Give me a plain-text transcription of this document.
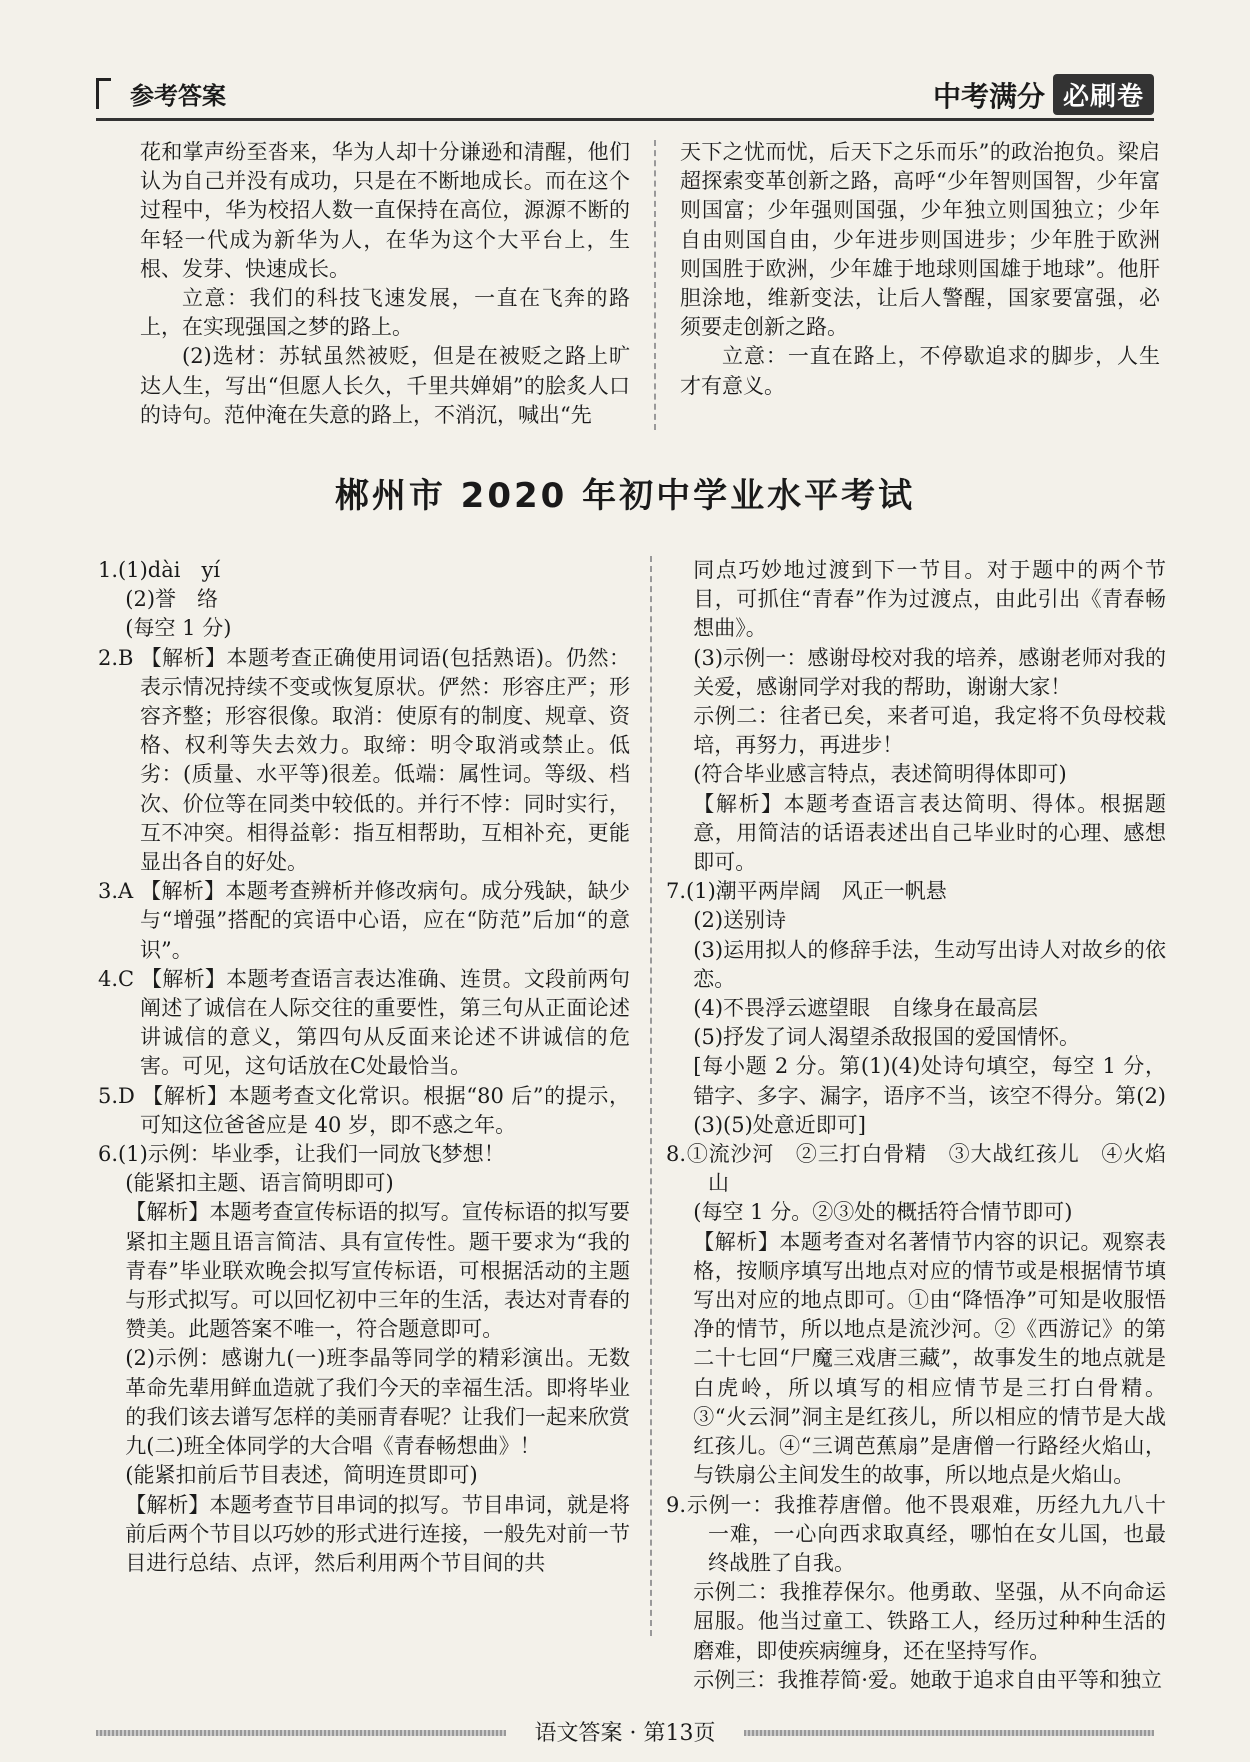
参考答案	中考满分 必刷卷

花和掌声纷至沓来，华为人却十分谦逊和清醒，他们认为自己并没有成功，只是在不断地成长。而在这个过程中，华为校招人数一直保持在高位，源源不断的年轻一代成为新华为人，在华为这个大平台上，生根、发芽、快速成长。

立意：我们的科技飞速发展，一直在飞奔的路上，在实现强国之梦的路上。

(2)选材：苏轼虽然被贬，但是在被贬之路上旷达人生，写出“但愿人长久，千里共婵娟”的脍炙人口的诗句。范仲淹在失意的路上，不消沉，喊出“先

天下之忧而忧，后天下之乐而乐”的政治抱负。梁启超探索变革创新之路，高呼“少年智则国智，少年富则国富；少年强则国强，少年独立则国独立；少年自由则国自由，少年进步则国进步；少年胜于欧洲则国胜于欧洲，少年雄于地球则国雄于地球”。他肝胆涂地，维新变法，让后人警醒，国家要富强，必须要走创新之路。

立意：一直在路上，不停歇追求的脚步，人生才有意义。

郴州市 2020 年初中学业水平考试

1.(1)dài　yí

(2)誉　络

(每空 1 分)

2.B 【解析】本题考查正确使用词语(包括熟语)。仍然：表示情况持续不变或恢复原状。俨然：形容庄严；形容齐整；形容很像。取消：使原有的制度、规章、资格、权利等失去效力。取缔：明令取消或禁止。低劣：(质量、水平等)很差。低端：属性词。等级、档次、价位等在同类中较低的。并行不悖：同时实行，互不冲突。相得益彰：指互相帮助，互相补充，更能显出各自的好处。

3.A 【解析】本题考查辨析并修改病句。成分残缺，缺少与“增强”搭配的宾语中心语，应在“防范”后加“的意识”。

4.C 【解析】本题考查语言表达准确、连贯。文段前两句阐述了诚信在人际交往的重要性，第三句从正面论述讲诚信的意义，第四句从反面来论述不讲诚信的危害。可见，这句话放在C处最恰当。

5.D 【解析】本题考查文化常识。根据“80 后”的提示，可知这位爸爸应是 40 岁，即不惑之年。

6.(1)示例：毕业季，让我们一同放飞梦想！

(能紧扣主题、语言简明即可)

【解析】本题考查宣传标语的拟写。宣传标语的拟写要紧扣主题且语言简洁、具有宣传性。题干要求为“我的青春”毕业联欢晚会拟写宣传标语，可根据活动的主题与形式拟写。可以回忆初中三年的生活，表达对青春的赞美。此题答案不唯一，符合题意即可。

(2)示例：感谢九(一)班李晶等同学的精彩演出。无数革命先辈用鲜血造就了我们今天的幸福生活。即将毕业的我们该去谱写怎样的美丽青春呢？让我们一起来欣赏九(二)班全体同学的大合唱《青春畅想曲》！

(能紧扣前后节目表述，简明连贯即可)

【解析】本题考查节目串词的拟写。节目串词，就是将前后两个节目以巧妙的形式进行连接，一般先对前一节目进行总结、点评，然后利用两个节目间的共

同点巧妙地过渡到下一节目。对于题中的两个节目，可抓住“青春”作为过渡点，由此引出《青春畅想曲》。

(3)示例一：感谢母校对我的培养，感谢老师对我的关爱，感谢同学对我的帮助，谢谢大家！

示例二：往者已矣，来者可追，我定将不负母校栽培，再努力，再进步！

(符合毕业感言特点，表述简明得体即可)

【解析】本题考查语言表达简明、得体。根据题意，用简洁的话语表述出自己毕业时的心理、感想即可。

7.(1)潮平两岸阔　风正一帆悬

(2)送别诗

(3)运用拟人的修辞手法，生动写出诗人对故乡的依恋。

(4)不畏浮云遮望眼　自缘身在最高层

(5)抒发了词人渴望杀敌报国的爱国情怀。

[每小题 2 分。第(1)(4)处诗句填空，每空 1 分，错字、多字、漏字，语序不当，该空不得分。第(2)(3)(5)处意近即可]

8.①流沙河　②三打白骨精　③大战红孩儿　④火焰山

(每空 1 分。②③处的概括符合情节即可)

【解析】本题考查对名著情节内容的识记。观察表格，按顺序填写出地点对应的情节或是根据情节填写出对应的地点即可。①由“降悟净”可知是收服悟净的情节，所以地点是流沙河。②《西游记》的第二十七回“尸魔三戏唐三藏”，故事发生的地点就是白虎岭，所以填写的相应情节是三打白骨精。③“火云洞”洞主是红孩儿，所以相应的情节是大战红孩儿。④“三调芭蕉扇”是唐僧一行路经火焰山，与铁扇公主间发生的故事，所以地点是火焰山。

9.示例一：我推荐唐僧。他不畏艰难，历经九九八十一难，一心向西求取真经，哪怕在女儿国，也最终战胜了自我。

示例二：我推荐保尔。他勇敢、坚强，从不向命运屈服。他当过童工、铁路工人，经历过种种生活的磨难，即使疾病缠身，还在坚持写作。

示例三：我推荐简·爱。她敢于追求自由平等和独立

语文答案 · 第13页
